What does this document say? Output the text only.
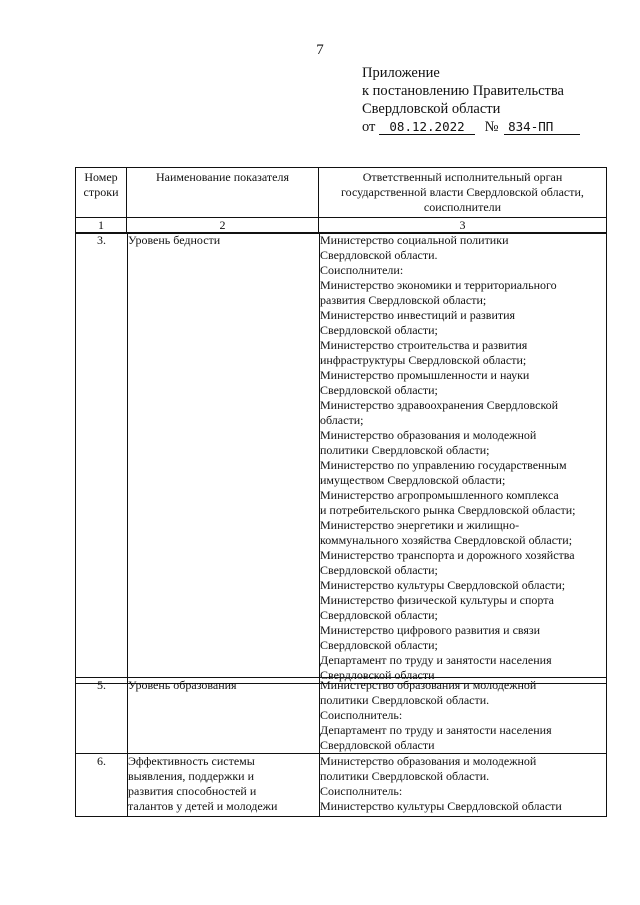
7
Приложение
к постановлению Правительства
Свердловской области
от 08.12.2022 № 834-ПП
Номер
строки	Наименование показателя	Ответственный исполнительный орган
государственной власти Свердловской области,
соисполнители

1	2	3
3.	Уровень бедности	Министерство социальной политики
Свердловской области.
Соисполнители:
Министерство экономики и территориального
развития Свердловской области;
Министерство инвестиций и развития
Свердловской области;
Министерство строительства и развития
инфраструктуры Свердловской области;
Министерство промышленности и науки
Свердловской области;
Министерство здравоохранения Свердловской
области;
Министерство образования и молодежной
политики Свердловской области;
Министерство по управлению государственным
имуществом Свердловской области;
Министерство агропромышленного комплекса
и потребительского рынка Свердловской области;
Министерство энергетики и жилищно-
коммунального хозяйства Свердловской области;
Министерство транспорта и дорожного хозяйства
Свердловской области;
Министерство культуры Свердловской области;
Министерство физической культуры и спорта
Свердловской области;
Министерство цифрового развития и связи
Свердловской области;
Департамент по труду и занятости населения
Свердловской области
5.	Уровень образования	Министерство образования и молодежной
политики Свердловской области.
Соисполнитель:
Департамент по труду и занятости населения
Свердловской области

6.	Эффективность системы
выявления, поддержки и
развития способностей и
талантов у детей и молодежи	Министерство образования и молодежной
политики Свердловской области.
Соисполнитель:
Министерство культуры Свердловской области
